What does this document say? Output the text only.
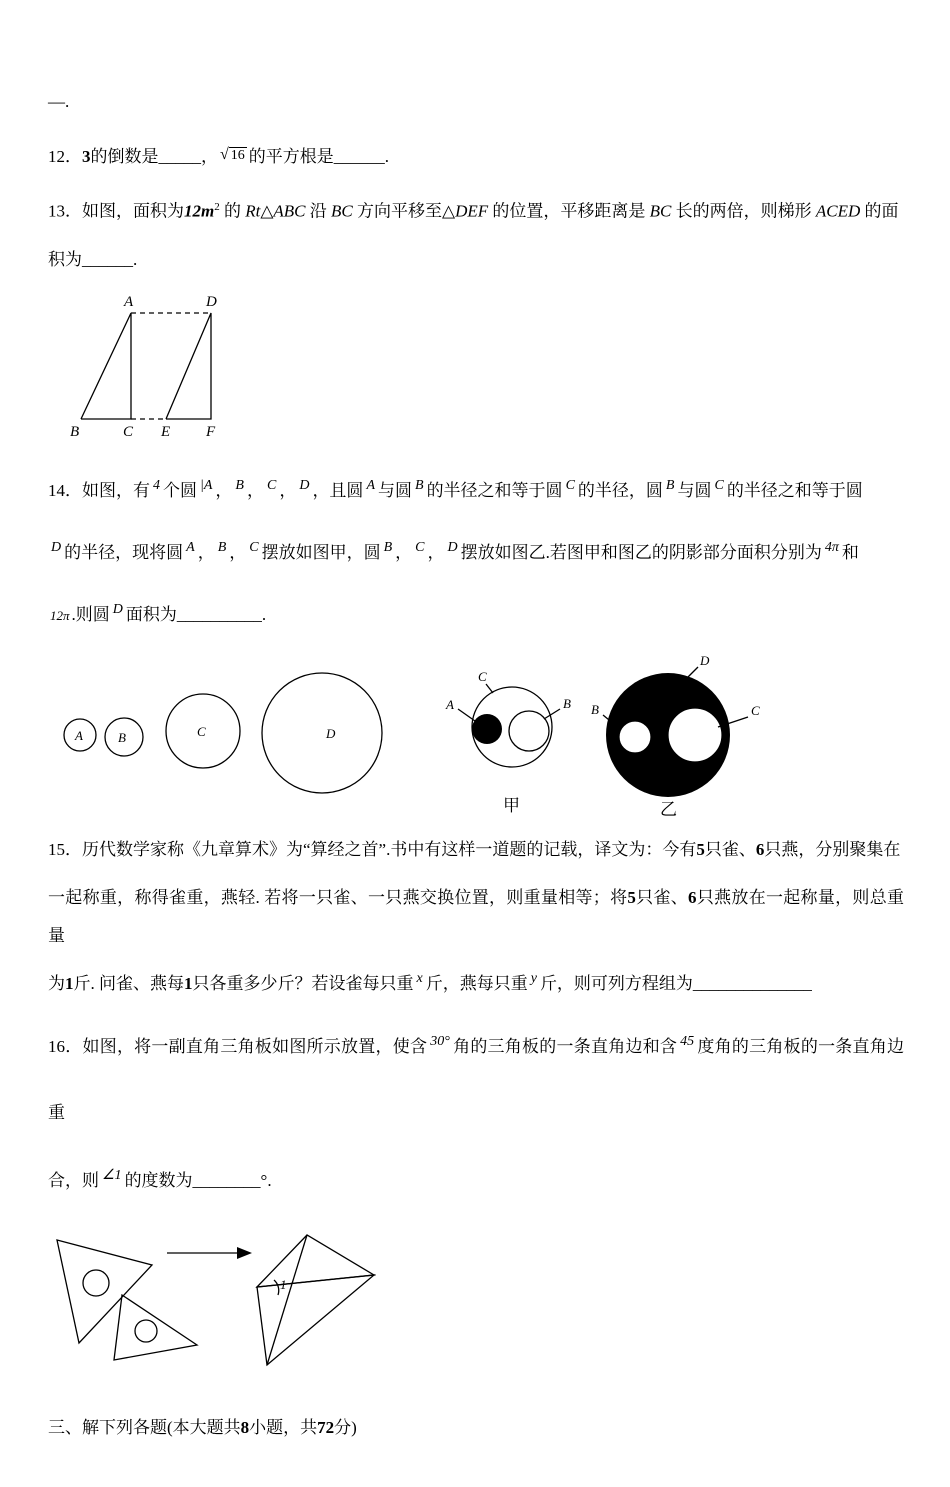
—.

12．3的倒数是_____， √ 16 的平方根是______.

13．如图，面积为$12m^2$ 的 Rt△ABC 沿 BC 方向平移至△DEF 的位置，平移距离是 BC 长的两倍，则梯形 ACED 的面

积为______.

A	D
B	C E F

14．如图，有 $^4$ 个圆 $^{|A}$ ， $^B$ ， $^C$ ， $^D$ ，且圆 $^A$ 与圆 $^B$ 的半径之和等于圆 $^C$ 的半径，圆 $^B$ 与圆 $^C$ 的半径之和等于圆

$^D$ 的半径，现将圆 $^A$ ， $^B$ ， $^C$ 摆放如图甲，圆 $^B$ ， $^C$ ， $^D$ 摆放如图乙.若图甲和图乙的阴影部分面积分别为 $^{4\pi}$ 和

12π .则圆 $^D$ 面积为__________.

A	B	C	D
C
A	B
甲
D
B	C
乙

15．历代数学家称《九章算术》为“算经之首”.书中有这样一道题的记载，译文为：今有5只雀、6只燕，分别聚集在

一起称重，称得雀重，燕轻. 若将一只雀、一只燕交换位置，则重量相等；将5只雀、6只燕放在一起称量，则总重量

为1斤. 问雀、燕每1只各重多少斤？若设雀每只重 $^x$ 斤，燕每只重 $^y$ 斤，则可列方程组为______________

16．如图，将一副直角三角板如图所示放置，使含 $^{30^\circ}$ 角的三角板的一条直角边和含 $^{45}$ 度角的三角板的一条直角边重

合，则 $^{\angle 1}$ 的度数为________°.

1

三、解下列各题(本大题共8小题，共72分)
